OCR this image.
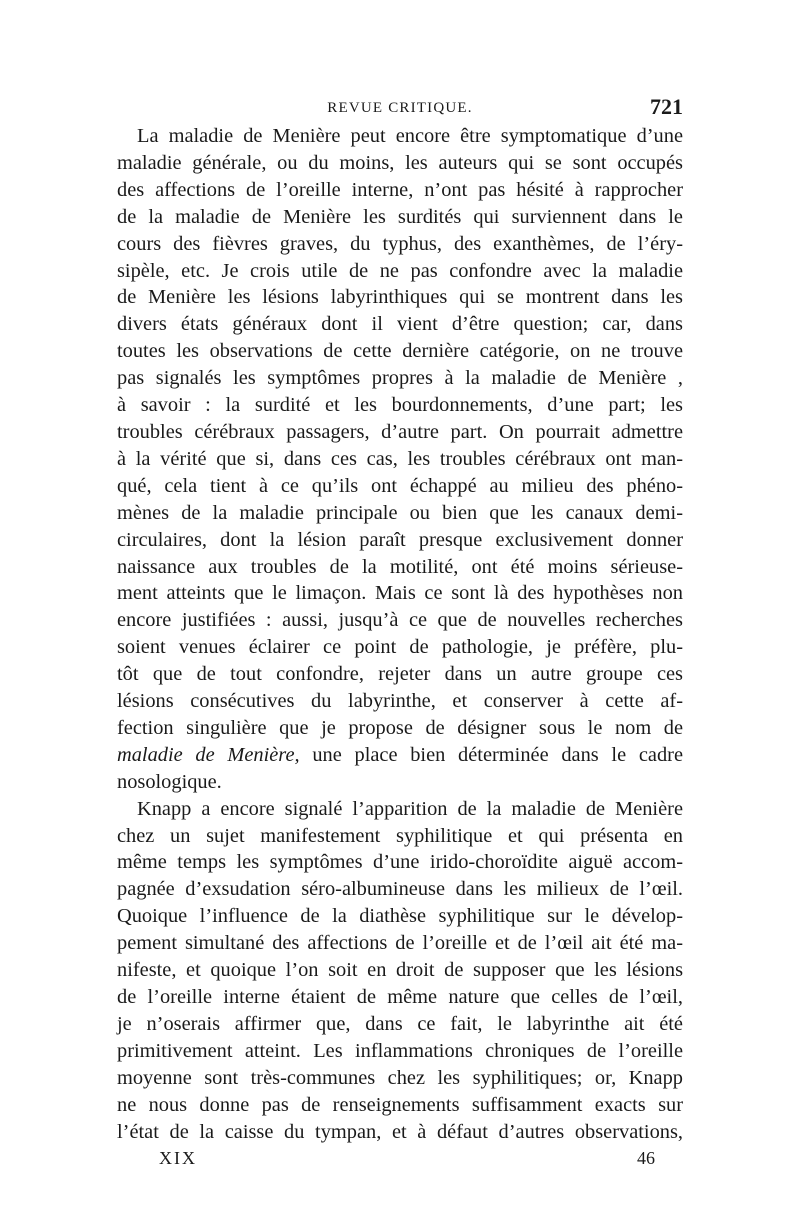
REVUE CRITIQUE.	721

La maladie de Menière peut encore être symptomatique d’une
maladie générale, ou du moins, les auteurs qui se sont occupés
des affections de l’oreille interne, n’ont pas hésité à rapprocher
de la maladie de Menière les surdités qui surviennent dans le
cours des fièvres graves, du typhus, des exanthèmes, de l’éry-
sipèle, etc. Je crois utile de ne pas confondre avec la maladie
de Menière les lésions labyrinthiques qui se montrent dans les
divers états généraux dont il vient d’être question; car, dans
toutes les observations de cette dernière catégorie, on ne trouve
pas signalés les symptômes propres à la maladie de Menière ,
à savoir : la surdité et les bourdonnements, d’une part; les
troubles cérébraux passagers, d’autre part. On pourrait admettre
à la vérité que si, dans ces cas, les troubles cérébraux ont man-
qué, cela tient à ce qu’ils ont échappé au milieu des phéno-
mènes de la maladie principale ou bien que les canaux demi-
circulaires, dont la lésion paraît presque exclusivement donner
naissance aux troubles de la motilité, ont été moins sérieuse-
ment atteints que le limaçon. Mais ce sont là des hypothèses non
encore justifiées : aussi, jusqu’à ce que de nouvelles recherches
soient venues éclairer ce point de pathologie, je préfère, plu-
tôt que de tout confondre, rejeter dans un autre groupe ces
lésions consécutives du labyrinthe, et conserver à cette af-
fection singulière que je propose de désigner sous le nom de
maladie de Menière, une place bien déterminée dans le cadre
nosologique.

Knapp a encore signalé l’apparition de la maladie de Menière
chez un sujet manifestement syphilitique et qui présenta en
même temps les symptômes d’une irido-choroïdite aiguë accom-
pagnée d’exsudation séro-albumineuse dans les milieux de l’œil.
Quoique l’influence de la diathèse syphilitique sur le dévelop-
pement simultané des affections de l’oreille et de l’œil ait été ma-
nifeste, et quoique l’on soit en droit de supposer que les lésions
de l’oreille interne étaient de même nature que celles de l’œil,
je n’oserais affirmer que, dans ce fait, le labyrinthe ait été
primitivement atteint. Les inflammations chroniques de l’oreille
moyenne sont très-communes chez les syphilitiques; or, Knapp
ne nous donne pas de renseignements suffisamment exacts sur
l’état de la caisse du tympan, et à défaut d’autres observations,

XIX	46
